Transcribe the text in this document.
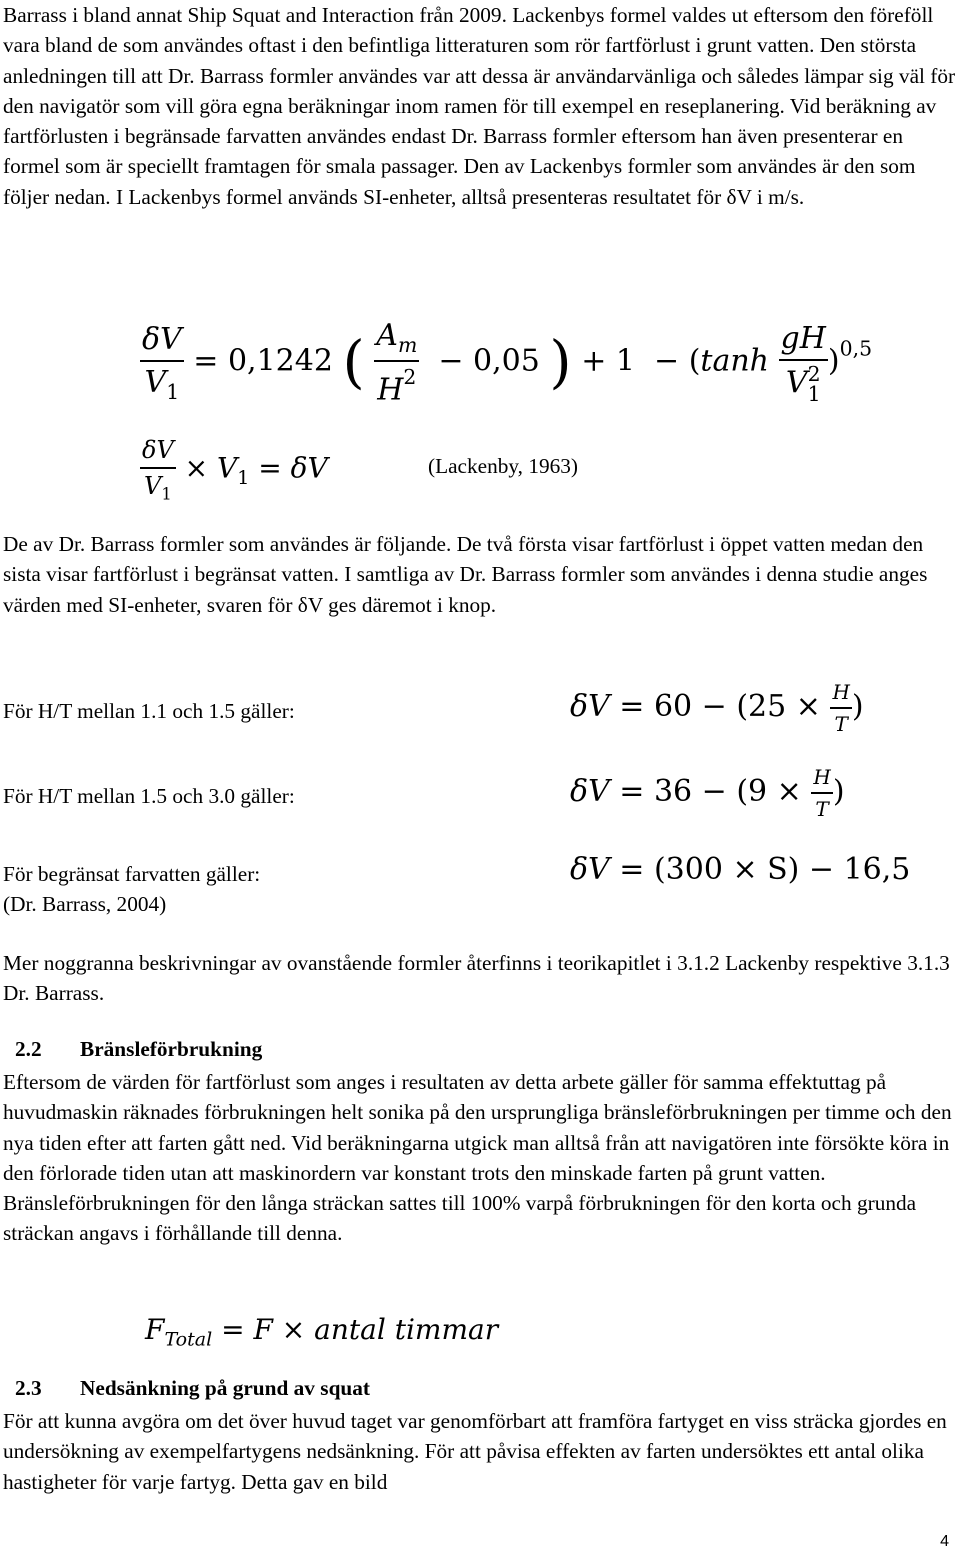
Barrass i bland annat Ship Squat and Interaction från 2009. Lackenbys formel valdes ut eftersom den föreföll vara bland de som användes oftast i den befintliga litteraturen som rör fartförlust i grunt vatten. Den största anledningen till att Dr. Barrass formler användes var att dessa är användarvänliga och således lämpar sig väl för den navigatör som vill göra egna beräkningar inom ramen för till exempel en reseplanering. Vid beräkning av fartförlusten i begränsade farvatten användes endast Dr. Barrass formler eftersom han även presenterar en formel som är speciellt framtagen för smala passager. Den av Lackenbys formler som användes är den som följer nedan. I Lackenbys formel används SI-enheter, alltså presenteras resultatet för δV i m/s.

$\frac{\delta V}{V_1} = 0,1242$ ( $\frac{A_m}{H^2} - 0,05$ ) + 1  − (tanh gH
V 2
1 )$^{0,5}$
$\frac{\delta V}{V_1} \times V_1 = \delta V$	(Lackenby, 1963)

De av Dr. Barrass formler som användes är följande. De två första visar fartförlust i öppet vatten medan den sista visar fartförlust i begränsat vatten. I samtliga av Dr. Barrass formler som användes i denna studie anges värden med SI-enheter, svaren för δV ges däremot i knop.

För H/T mellan 1.1 och 1.5 gäller:	$\delta V = 60 - (25 \times \frac{H}{T}$ )
För H/T mellan 1.5 och 3.0 gäller:	$\delta V = 36 - (9 \times \frac{H}{T}$ )
För begränsat farvatten gäller:
(Dr. Barrass, 2004)
δV = (300 × S) − 16,5

Mer noggranna beskrivningar av ovanstående formler återfinns i teorikapitlet i 3.1.2 Lackenby respektive 3.1.3 Dr. Barrass.

2.2 Bränsleförbrukning

Eftersom de värden för fartförlust som anges i resultaten av detta arbete gäller för samma effektuttag på huvudmaskin räknades förbrukningen helt sonika på den ursprungliga bränsleförbrukningen per timme och den nya tiden efter att farten gått ned. Vid beräkningarna utgick man alltså från att navigatören inte försökte köra in den förlorade tiden utan att maskinordern var konstant trots den minskade farten på grunt vatten. Bränsleförbrukningen för den långa sträckan sattes till 100% varpå förbrukningen för den korta och grunda sträckan angavs i förhållande till denna.

$F_{Total} = F$ × antal timmar
2.3 Nedsänkning på grund av squat

För att kunna avgöra om det över huvud taget var genomförbart att framföra fartyget en viss sträcka gjordes en undersökning av exempelfartygens nedsänkning. För att påvisa effekten av farten undersöktes ett antal olika hastigheter för varje fartyg. Detta gav en bild

4
